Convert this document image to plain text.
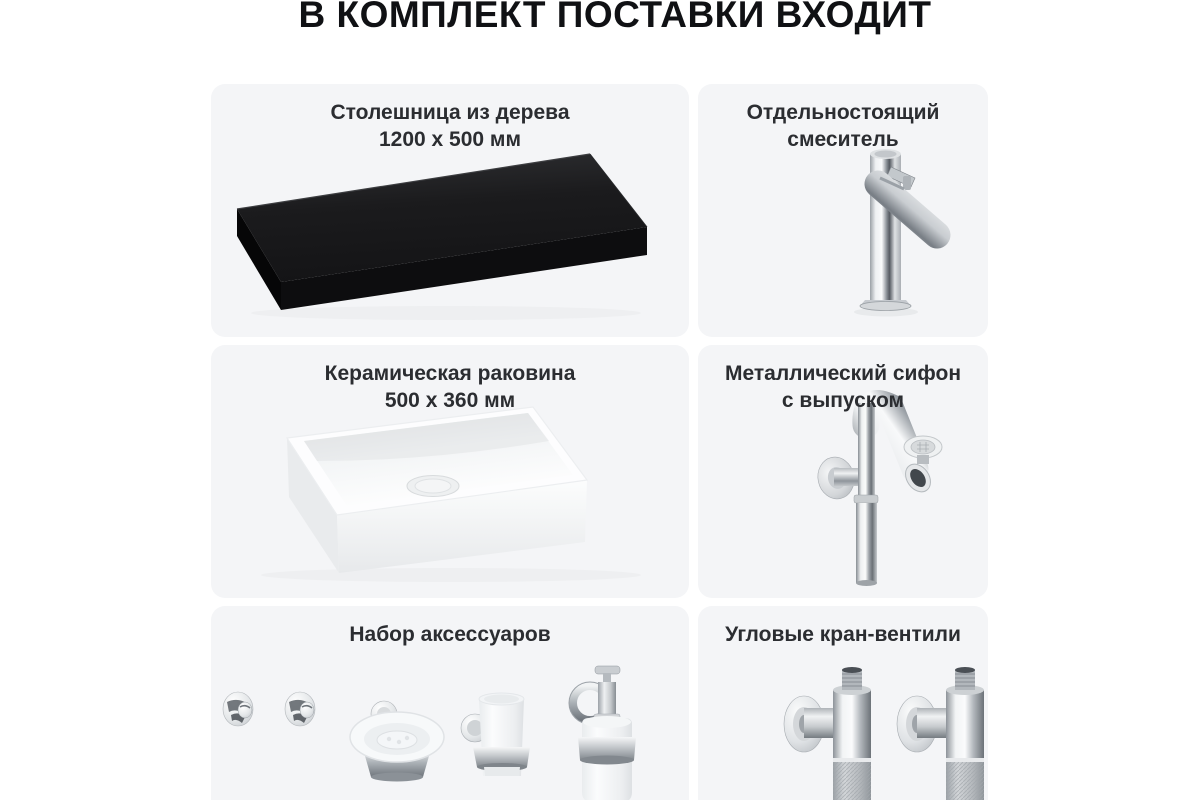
В КОМПЛЕКТ ПОСТАВКИ ВХОДИТ
Столешница из дерева
1200 x 500 мм
Отдельностоящий
смеситель
Керамическая раковина
500 x 360 мм
Металлический сифон
с выпуском
Набор аксессуаров	Угловые кран-вентили
